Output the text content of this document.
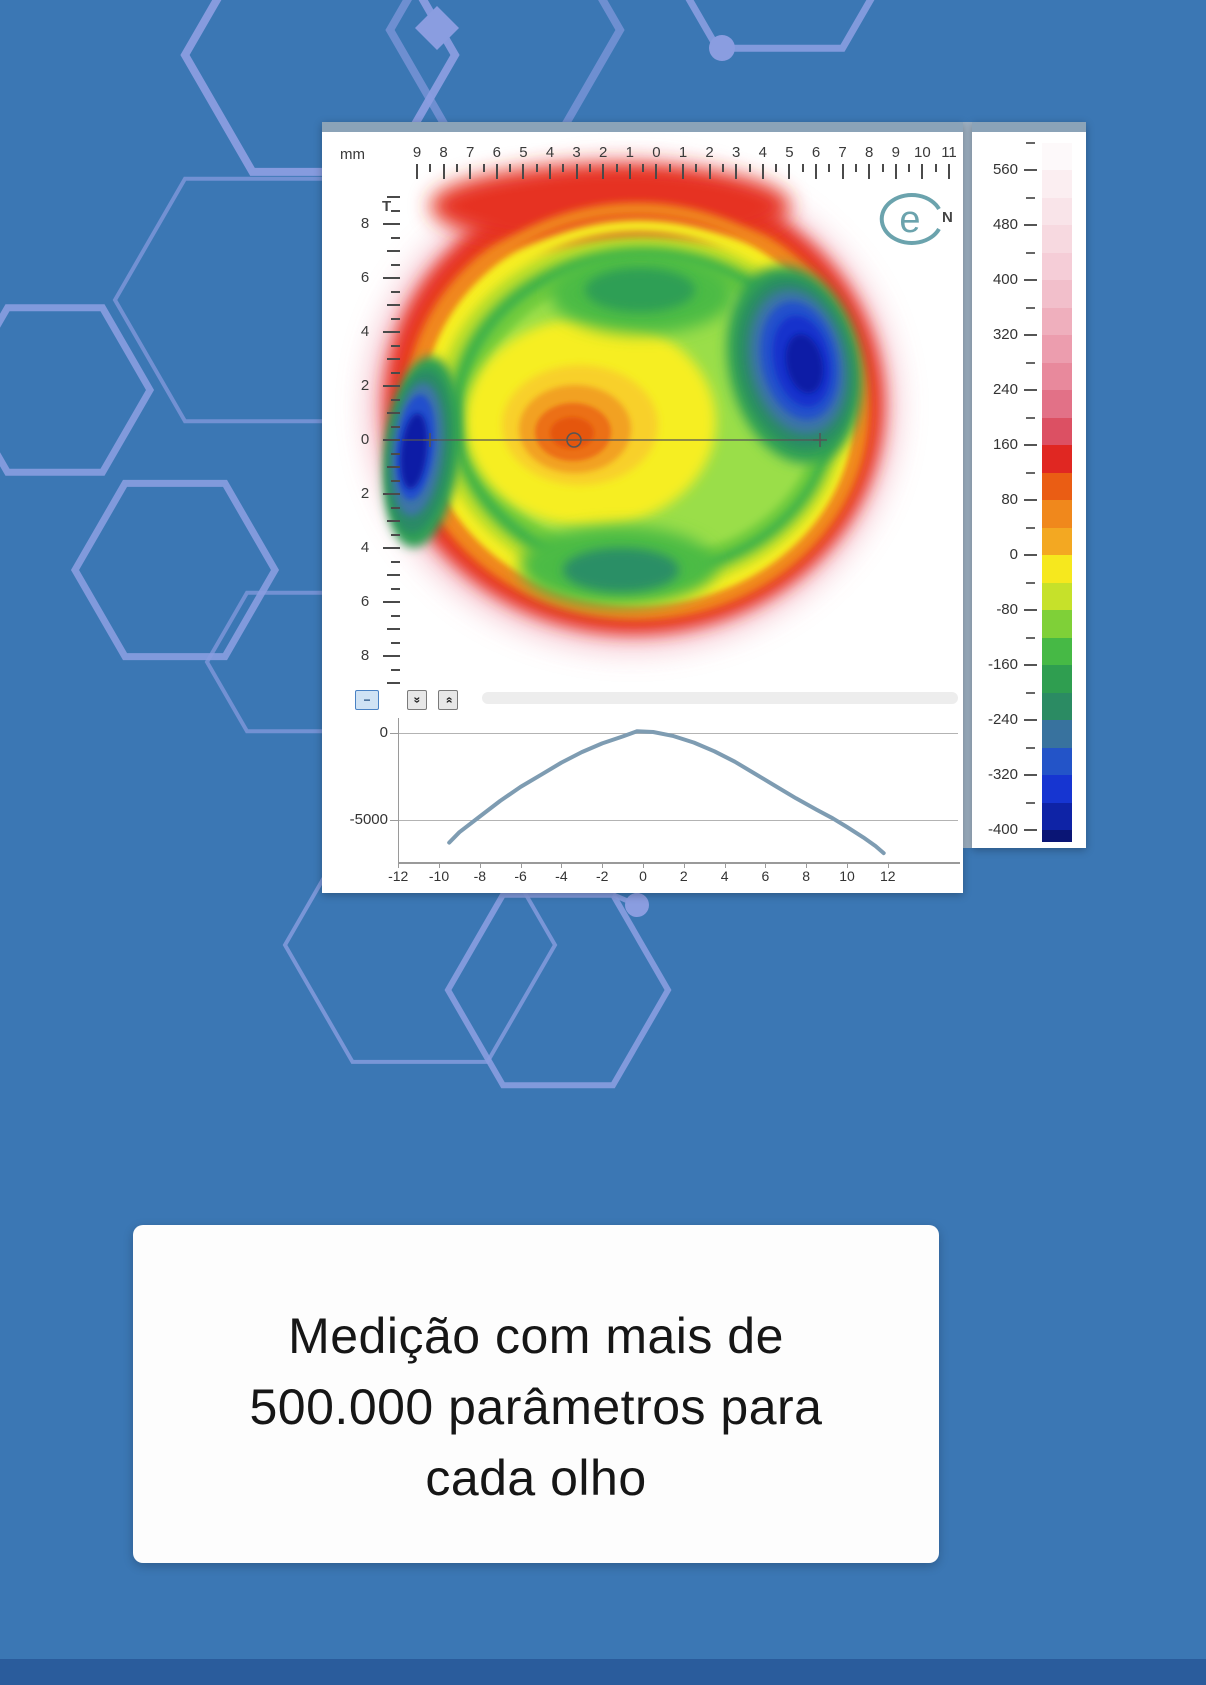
mm
T
N
e
−	» »
0
-5000
-12	-10	-8	-6	-4	-2	0	2	4	6	8	10	12
9	8	7	6	5	4	3	2	1	0	1	2	3	4	5	6	7	8	9 10 11
8
6
4
2
0
2
4
6
8
560
480
400
320
240
160
80
0
-80
-160
-240
-320
-400
Medição com mais de
500.000 parâmetros para
cada olho
